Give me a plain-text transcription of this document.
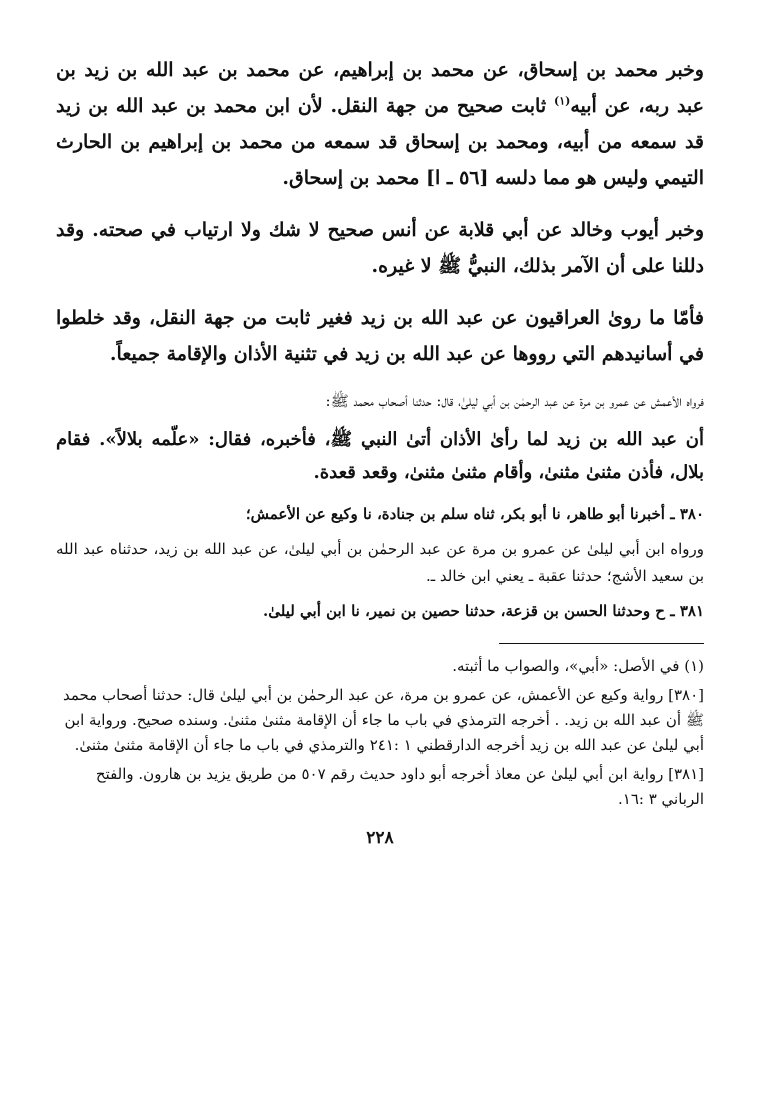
وخبر محمد بن إسحاق، عن محمد بن إبراهيم، عن محمد بن عبد الله بن زيد بن عبد ربه، عن أبيه$^{(١)}$ ثابت صحيح من جهة النقل. لأن ابن محمد بن عبد الله بن زيد قد سمعه من أبيه، ومحمد بن إسحاق قد سمعه من محمد بن إبراهيم بن الحارث التيمي وليس هو مما دلسه [٥٦ ـ ا] محمد بن إسحاق.

وخبر أيوب وخالد عن أبي قلابة عن أنس صحيح لا شك ولا ارتياب في صحته. وقد دللنا على أن الآمر بذلك، النبيُّ ﷺ لا غيره.

فأمّا ما روىٰ العراقيون عن عبد الله بن زيد فغير ثابت من جهة النقل، وقد خلطوا في أسانيدهم التي رووها عن عبد الله بن زيد في تثنية الأذان والإقامة جميعاً.

فرواه الأعمش عن عمرو بن مرة عن عبد الرحمٰن بن أبي ليلىٰ، قال: حدثنا أصحاب محمد ﷺ:

أن عبد الله بن زيد لما رأىٰ الأذان أتىٰ النبي ﷺ، فأخبره، فقال: «علّمه بلالاً». فقام بلال، فأذن مثنىٰ مثنىٰ، وأقام مثنىٰ مثنىٰ، وقعد قعدة.

٣٨٠ ـ أخبرنا أبو طاهر، نا أبو بكر، ثناه سلم بن جنادة، نا وكيع عن الأعمش؛

ورواه ابن أبي ليلىٰ عن عمرو بن مرة عن عبد الرحمٰن بن أبي ليلىٰ، عن عبد الله بن زيد، حدثناه عبد الله بن سعيد الأشج؛ حدثنا عقبة ـ يعني ابن خالد ـ.

٣٨١ ـ ح وحدثنا الحسن بن قزعة، حدثنا حصين بن نمير، نا ابن أبي ليلىٰ.

(١) في الأصل: «أبي»، والصواب ما أثبته.

[٣٨٠] رواية وكيع عن الأعمش، عن عمرو بن مرة، عن عبد الرحمٰن بن أبي ليلىٰ قال: حدثنا أصحاب محمد ﷺ أن عبد الله بن زيد. . أخرجه الترمذي في باب ما جاء أن الإقامة مثنىٰ مثنىٰ. وسنده صحيح. ورواية ابن أبي ليلىٰ عن عبد الله بن زيد أخرجه الدارقطني ١ :٢٤١ والترمذي في باب ما جاء أن الإقامة مثنىٰ مثنىٰ.

[٣٨١] رواية ابن أبي ليلىٰ عن معاذ أخرجه أبو داود حديث رقم ٥٠٧ من طريق يزيد بن هارون. والفتح الرباني ٣ :١٦.

٢٢٨
